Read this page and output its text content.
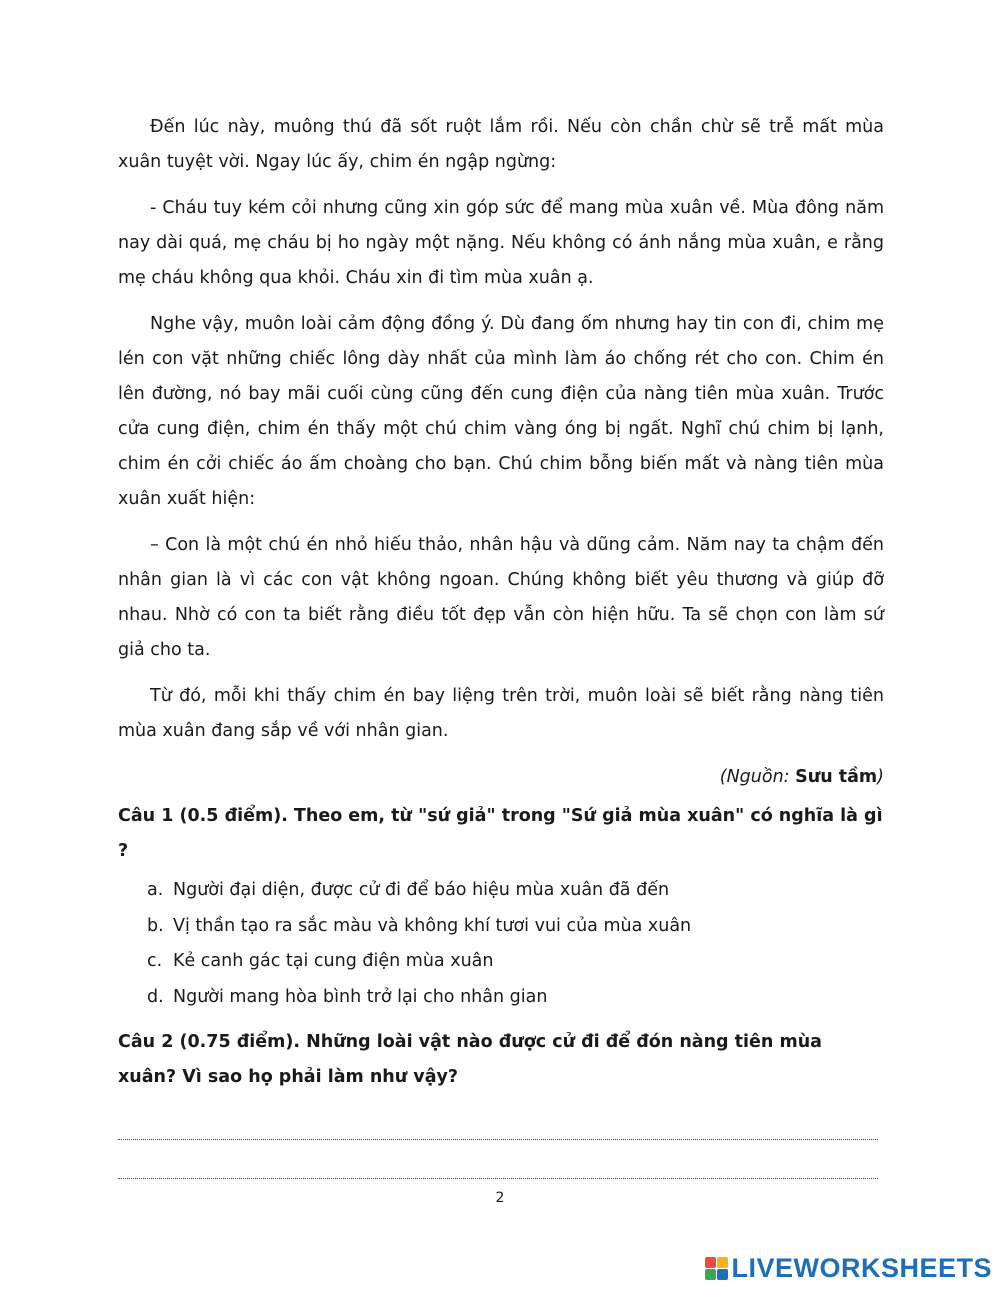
Đến lúc này, muông thú đã sốt ruột lắm rồi. Nếu còn chần chừ sẽ trễ mất mùa xuân tuyệt vời. Ngay lúc ấy, chim én ngập ngừng:

- Cháu tuy kém cỏi nhưng cũng xin góp sức để mang mùa xuân về. Mùa đông năm nay dài quá, mẹ cháu bị ho ngày một nặng. Nếu không có ánh nắng mùa xuân, e rằng mẹ cháu không qua khỏi. Cháu xin đi tìm mùa xuân ạ.

Nghe vậy, muôn loài cảm động đồng ý. Dù đang ốm nhưng hay tin con đi, chim mẹ lén con vặt những chiếc lông dày nhất của mình làm áo chống rét cho con. Chim én lên đường, nó bay mãi cuối cùng cũng đến cung điện của nàng tiên mùa xuân. Trước cửa cung điện, chim én thấy một chú chim vàng óng bị ngất. Nghĩ chú chim bị lạnh, chim én cởi chiếc áo ấm choàng cho bạn. Chú chim bỗng biến mất và nàng tiên mùa xuân xuất hiện:

– Con là một chú én nhỏ hiếu thảo, nhân hậu và dũng cảm. Năm nay ta chậm đến nhân gian là vì các con vật không ngoan. Chúng không biết yêu thương và giúp đỡ nhau. Nhờ có con ta biết rằng điều tốt đẹp vẫn còn hiện hữu. Ta sẽ chọn con làm sứ giả cho ta.

Từ đó, mỗi khi thấy chim én bay liệng trên trời, muôn loài sẽ biết rằng nàng tiên mùa xuân đang sắp về với nhân gian.

(Nguồn: Sưu tầm)

Câu 1 (0.5 điểm). Theo em, từ "sứ giả" trong "Sứ giả mùa xuân" có nghĩa là gì ?

a. Người đại diện, được cử đi để báo hiệu mùa xuân đã đến
b. Vị thần tạo ra sắc màu và không khí tươi vui của mùa xuân
c. Kẻ canh gác tại cung điện mùa xuân
d. Người mang hòa bình trở lại cho nhân gian

Câu 2 (0.75 điểm). Những loài vật nào được cử đi để đón nàng tiên mùa xuân? Vì sao họ phải làm như vậy?

2
LIVEWORKSHEETS
